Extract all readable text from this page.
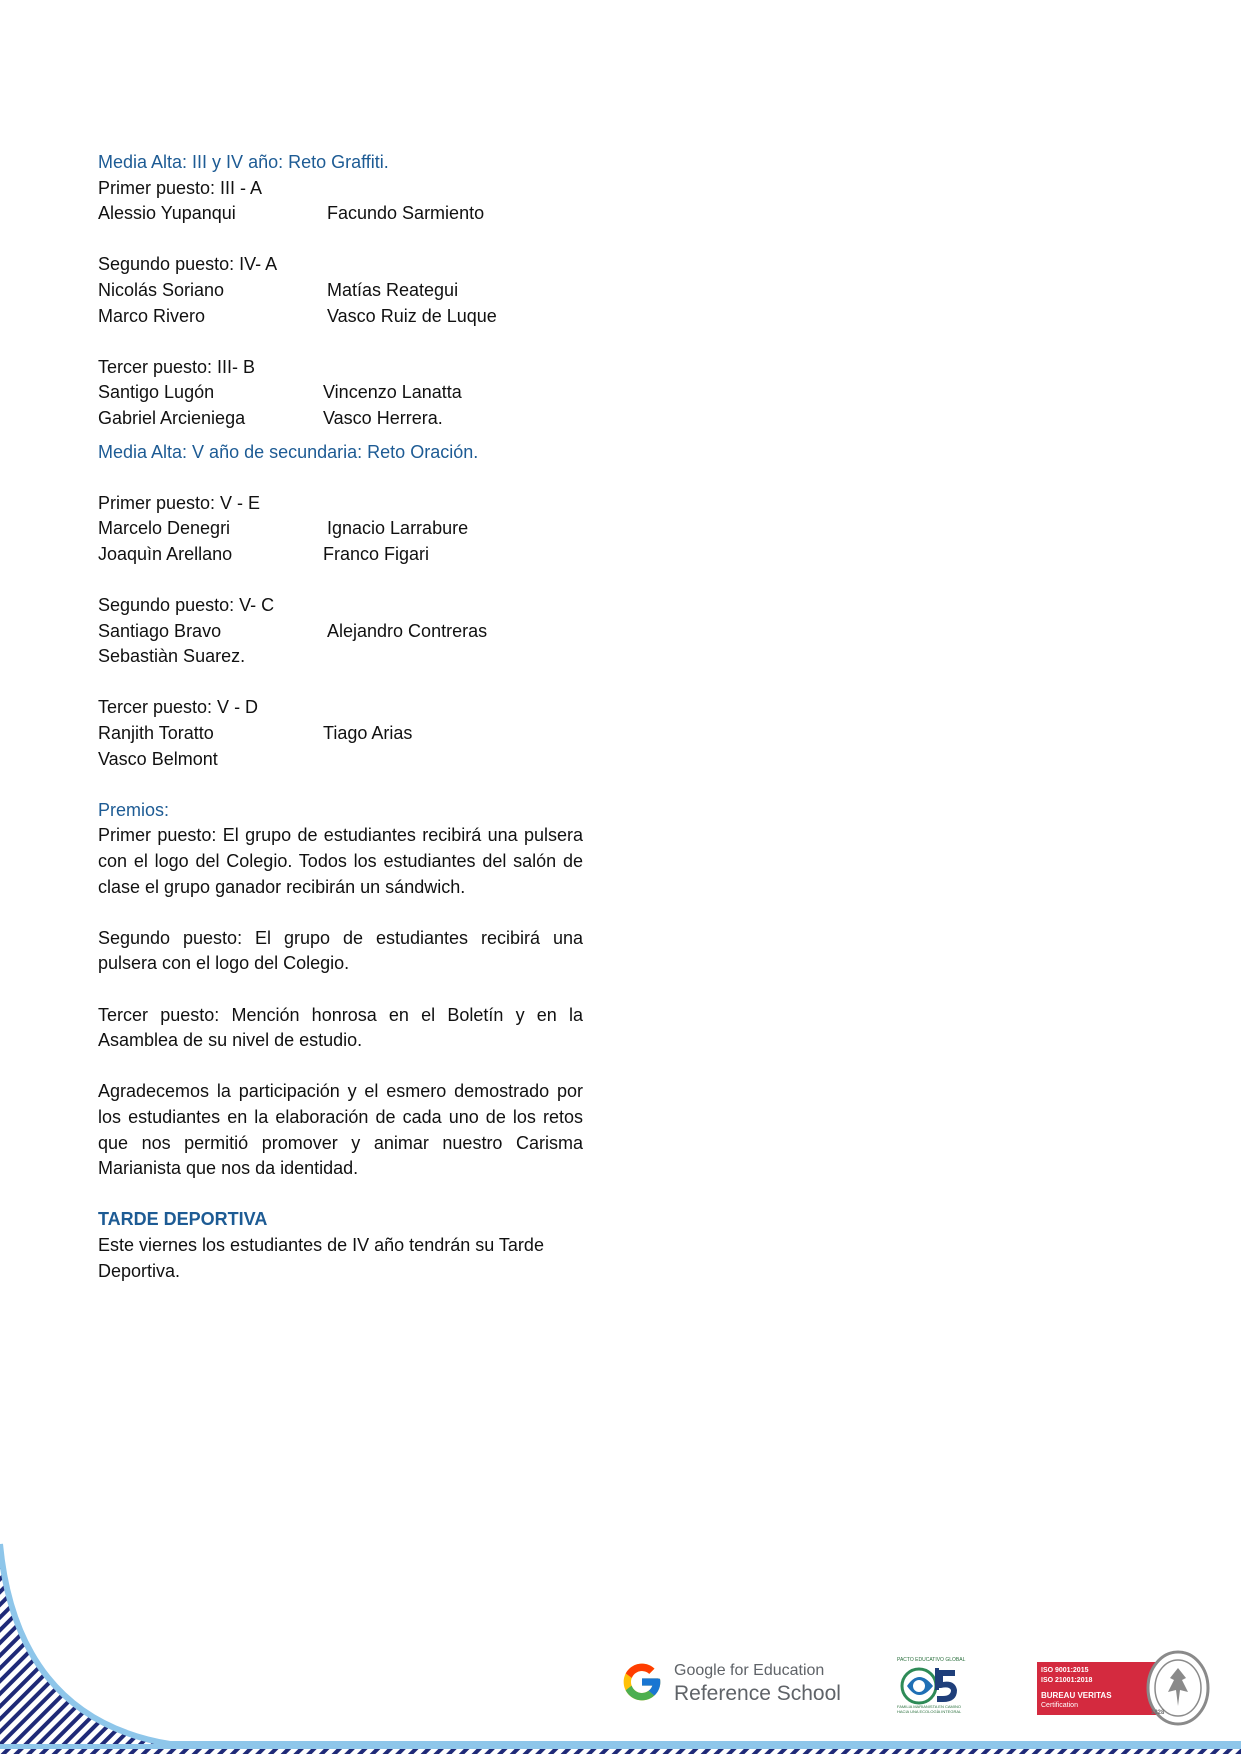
Media Alta: III y IV año: Reto Graffiti.
Primer puesto: III - A
Alessio Yupanqui	Facundo Sarmiento
Segundo puesto: IV- A
Nicolás Soriano	Matías Reategui
Marco Rivero	Vasco Ruiz de Luque
Tercer puesto: III- B
Santigo Lugón	Vincenzo Lanatta
Gabriel Arcieniega	Vasco Herrera.
Media Alta: V año de secundaria: Reto Oración.
Primer puesto: V - E
Marcelo Denegri	Ignacio Larrabure
Joaquìn Arellano	Franco Figari
Segundo puesto: V- C
Santiago Bravo	Alejandro Contreras
Sebastiàn Suarez.
Tercer puesto: V - D
Ranjith Toratto	Tiago Arias
Vasco Belmont
Premios:
Primer puesto: El grupo de estudiantes recibirá una pulsera con el logo del Colegio. Todos los estudiantes del salón de clase el grupo ganador recibirán un sándwich.
Segundo puesto: El grupo de estudiantes recibirá una pulsera con el logo del Colegio.
Tercer puesto: Mención honrosa en el Boletín y en la Asamblea de su nivel de estudio.
Agradecemos la participación y el esmero demostrado por los estudiantes en la elaboración de cada uno de los retos que nos permitió promover y animar nuestro Carisma Marianista que nos da identidad.
TARDE DEPORTIVA
Este viernes los estudiantes de IV año tendrán su Tarde Deportiva.
Google for Education
Reference School
PACTO EDUCATIVO GLOBAL
FAMILIA MARIANISTA EN CAMINO
HACIA UNA ECOLOGÍA INTEGRAL
ISO 9001:2015
ISO 21001:2018
BUREAU VERITAS
Certification
1828
